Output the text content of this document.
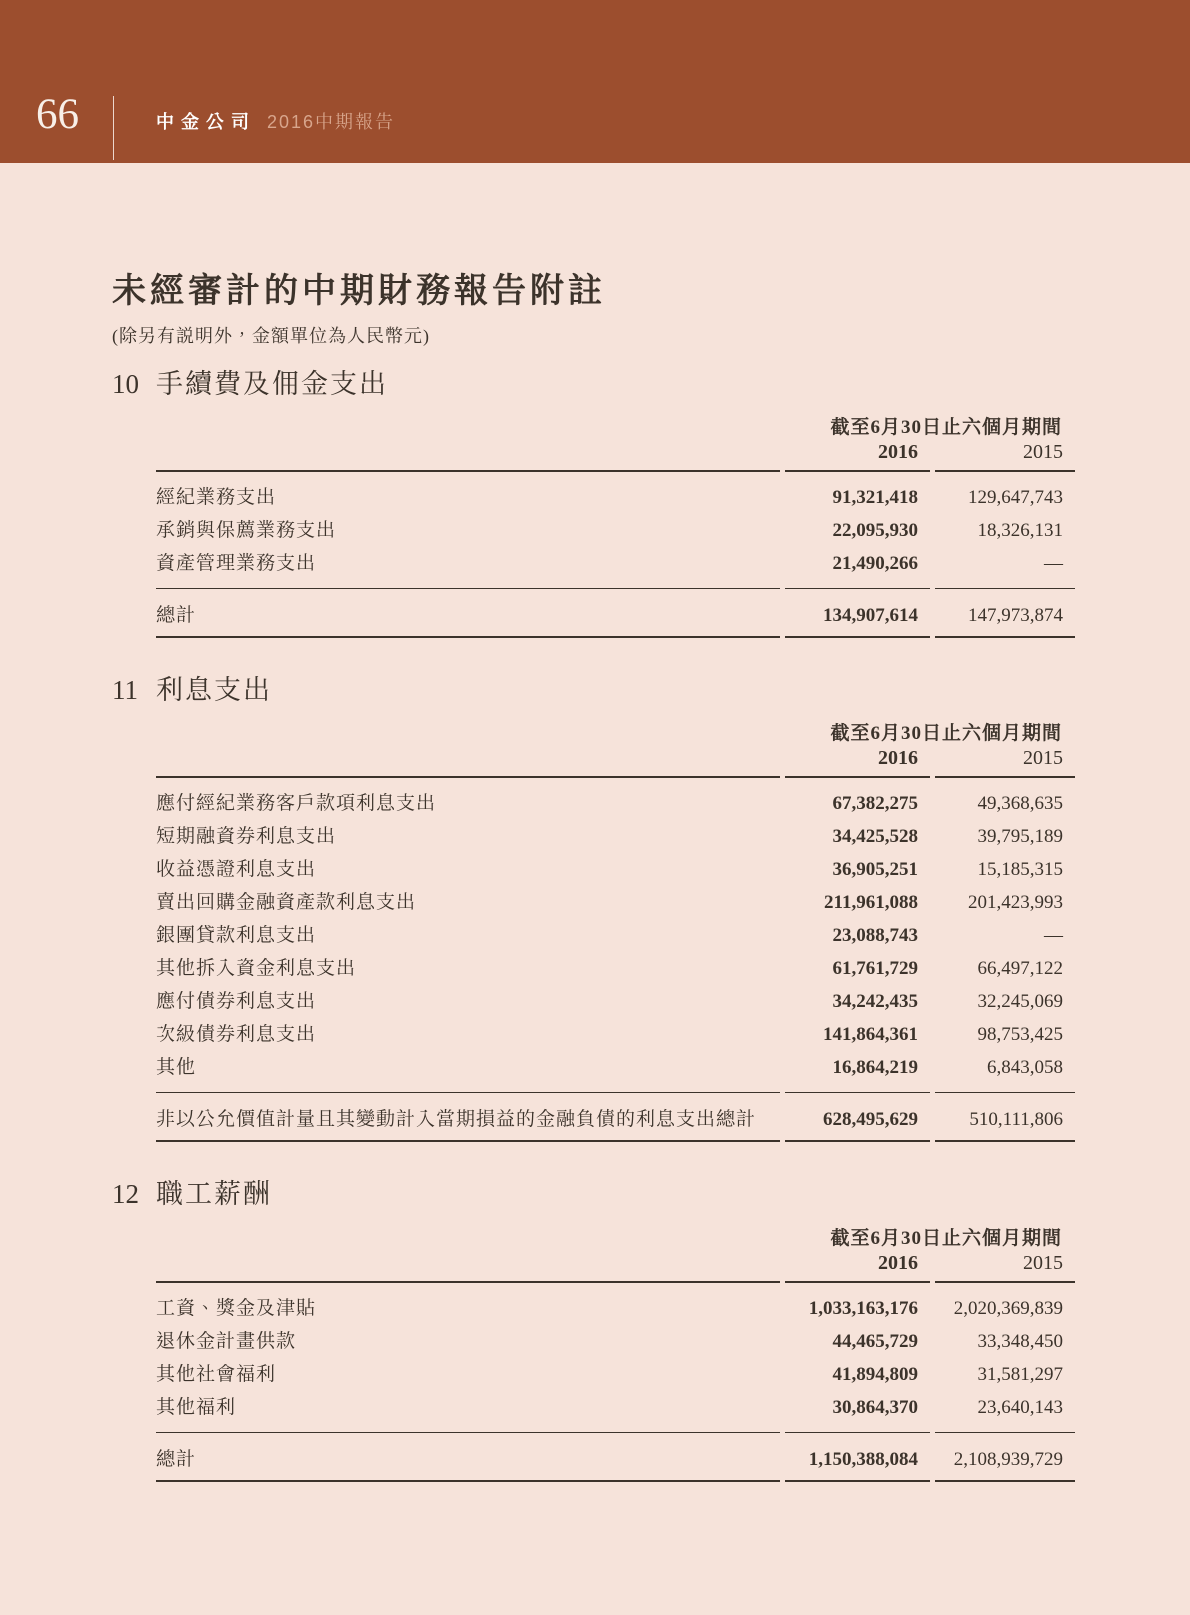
66	中金公司 2016中期報告
未經審計的中期財務報告附註

(除另有説明外，金額單位為人民幣元)

10 手續費及佣金支出
	截至6月30日止六個月期間	
	2016	2015
經紀業務支出	91,321,418	129,647,743
承銷與保薦業務支出	22,095,930	18,326,131
資產管理業務支出	21,490,266	—
總計	134,907,614	147,973,874
11 利息支出
	截至6月30日止六個月期間	
	2016	2015
應付經紀業務客戶款項利息支出	67,382,275	49,368,635
短期融資券利息支出	34,425,528	39,795,189
收益憑證利息支出	36,905,251	15,185,315
賣出回購金融資產款利息支出	211,961,088	201,423,993
銀團貸款利息支出	23,088,743	—
其他拆入資金利息支出	61,761,729	66,497,122
應付債券利息支出	34,242,435	32,245,069
次級債券利息支出	141,864,361	98,753,425
其他	16,864,219	6,843,058
非以公允價值計量且其變動計入當期損益的金融負債的利息支出總計	628,495,629	510,111,806
12 職工薪酬
	截至6月30日止六個月期間	
	2016	2015
工資、獎金及津貼	1,033,163,176	2,020,369,839
退休金計畫供款	44,465,729	33,348,450
其他社會福利	41,894,809	31,581,297
其他福利	30,864,370	23,640,143
總計	1,150,388,084	2,108,939,729
